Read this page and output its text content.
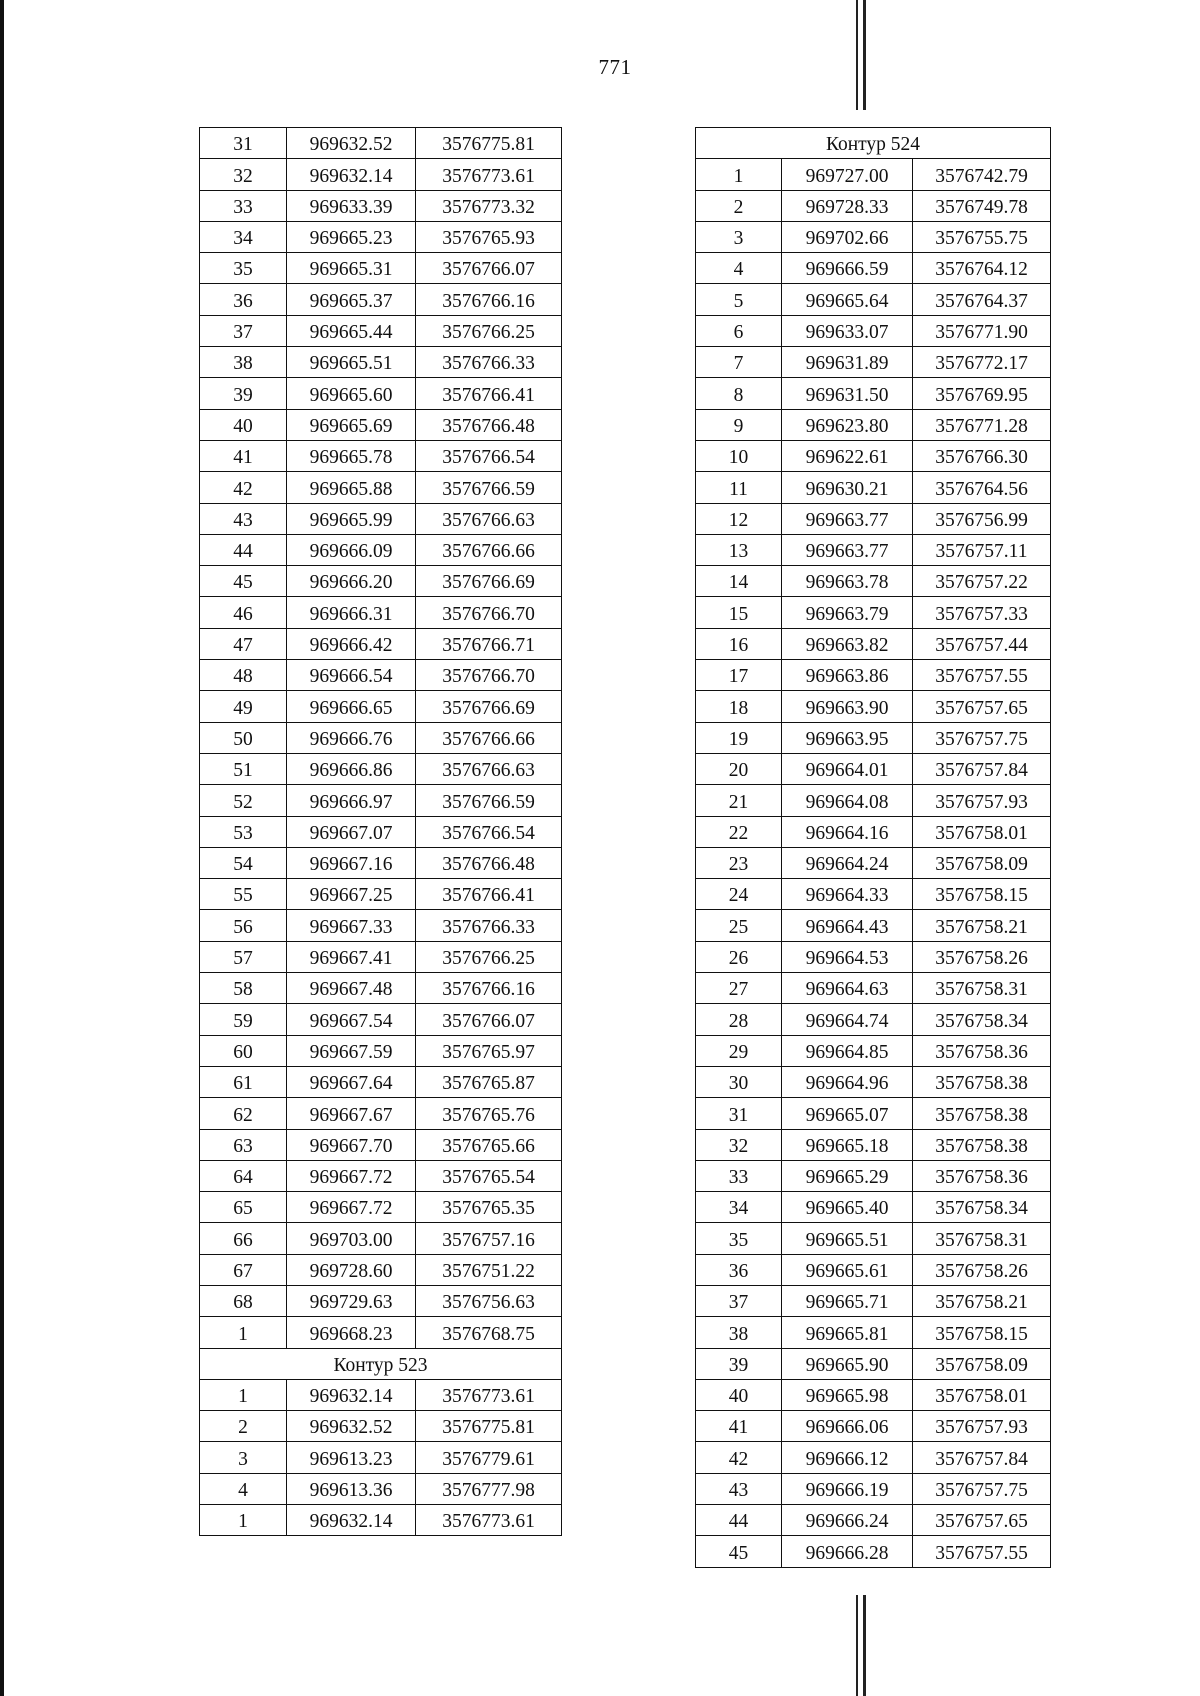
771
31	969632.52	3576775.81
32	969632.14	3576773.61
33	969633.39	3576773.32
34	969665.23	3576765.93
35	969665.31	3576766.07
36	969665.37	3576766.16
37	969665.44	3576766.25
38	969665.51	3576766.33
39	969665.60	3576766.41
40	969665.69	3576766.48
41	969665.78	3576766.54
42	969665.88	3576766.59
43	969665.99	3576766.63
44	969666.09	3576766.66
45	969666.20	3576766.69
46	969666.31	3576766.70
47	969666.42	3576766.71
48	969666.54	3576766.70
49	969666.65	3576766.69
50	969666.76	3576766.66
51	969666.86	3576766.63
52	969666.97	3576766.59
53	969667.07	3576766.54
54	969667.16	3576766.48
55	969667.25	3576766.41
56	969667.33	3576766.33
57	969667.41	3576766.25
58	969667.48	3576766.16
59	969667.54	3576766.07
60	969667.59	3576765.97
61	969667.64	3576765.87
62	969667.67	3576765.76
63	969667.70	3576765.66
64	969667.72	3576765.54
65	969667.72	3576765.35
66	969703.00	3576757.16
67	969728.60	3576751.22
68	969729.63	3576756.63
1	969668.23	3576768.75
Контур 523		
1	969632.14	3576773.61
2	969632.52	3576775.81
3	969613.23	3576779.61
4	969613.36	3576777.98
1	969632.14	3576773.61
Контур 524		
1	969727.00	3576742.79
2	969728.33	3576749.78
3	969702.66	3576755.75
4	969666.59	3576764.12
5	969665.64	3576764.37
6	969633.07	3576771.90
7	969631.89	3576772.17
8	969631.50	3576769.95
9	969623.80	3576771.28
10	969622.61	3576766.30
11	969630.21	3576764.56
12	969663.77	3576756.99
13	969663.77	3576757.11
14	969663.78	3576757.22
15	969663.79	3576757.33
16	969663.82	3576757.44
17	969663.86	3576757.55
18	969663.90	3576757.65
19	969663.95	3576757.75
20	969664.01	3576757.84
21	969664.08	3576757.93
22	969664.16	3576758.01
23	969664.24	3576758.09
24	969664.33	3576758.15
25	969664.43	3576758.21
26	969664.53	3576758.26
27	969664.63	3576758.31
28	969664.74	3576758.34
29	969664.85	3576758.36
30	969664.96	3576758.38
31	969665.07	3576758.38
32	969665.18	3576758.38
33	969665.29	3576758.36
34	969665.40	3576758.34
35	969665.51	3576758.31
36	969665.61	3576758.26
37	969665.71	3576758.21
38	969665.81	3576758.15
39	969665.90	3576758.09
40	969665.98	3576758.01
41	969666.06	3576757.93
42	969666.12	3576757.84
43	969666.19	3576757.75
44	969666.24	3576757.65
45	969666.28	3576757.55
